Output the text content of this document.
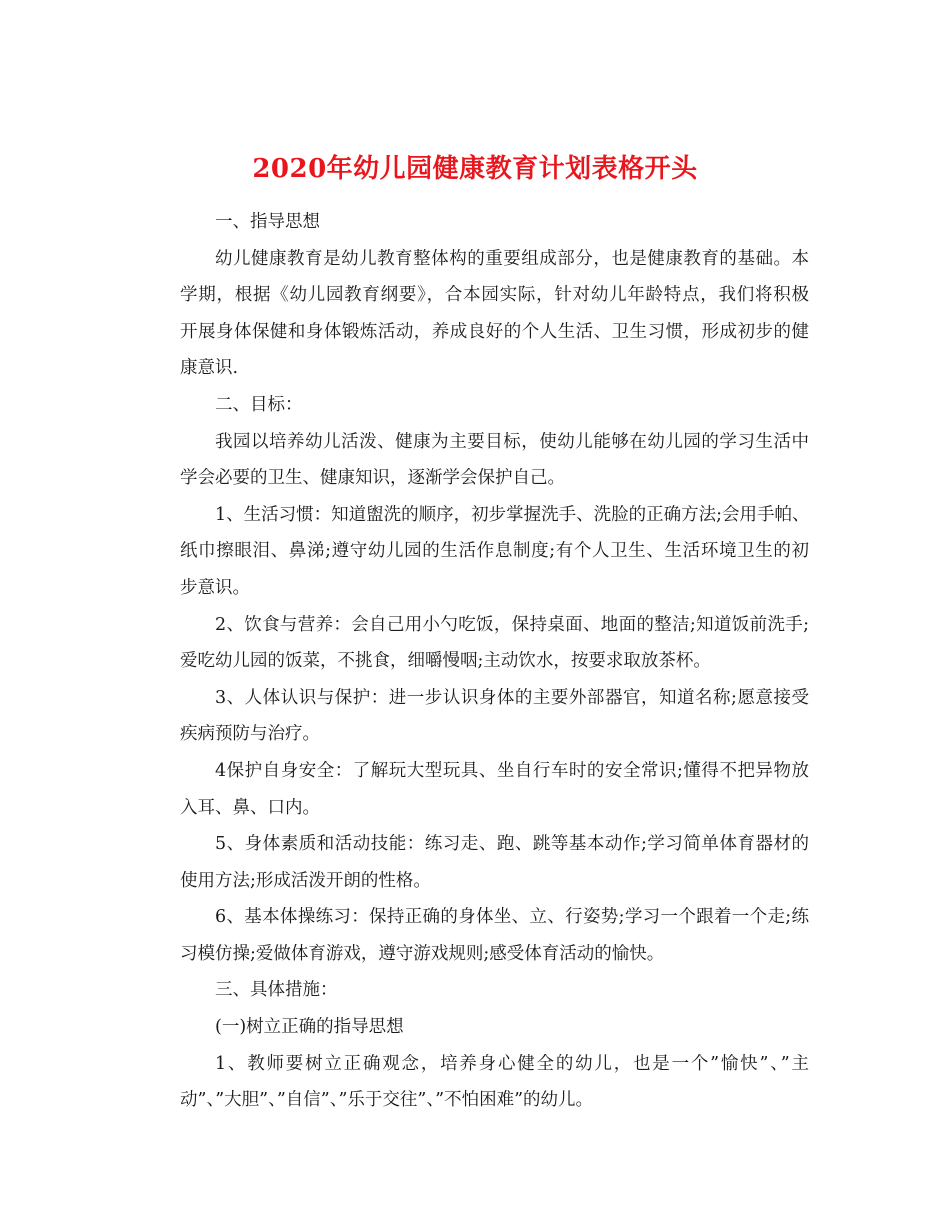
2020年幼儿园健康教育计划表格开头
一、指导思想
幼儿健康教育是幼儿教育整体构的重要组成部分，也是健康教育的基础。本
学期，根据《幼儿园教育纲要》，合本园实际，针对幼儿年龄特点，我们将积极
开展身体保健和身体锻炼活动，养成良好的个人生活、卫生习惯，形成初步的健
康意识.
二、目标：
我园以培养幼儿活泼、健康为主要目标，使幼儿能够在幼儿园的学习生活中
学会必要的卫生、健康知识，逐渐学会保护自己。
1、生活习惯：知道盥洗的顺序，初步掌握洗手、洗脸的正确方法;会用手帕、
纸巾擦眼泪、鼻涕;遵守幼儿园的生活作息制度;有个人卫生、生活环境卫生的初
步意识。
2、饮食与营养：会自己用小勺吃饭，保持桌面、地面的整洁;知道饭前洗手;
爱吃幼儿园的饭菜，不挑食，细嚼慢咽;主动饮水，按要求取放茶杯。
3、人体认识与保护：进一步认识身体的主要外部器官，知道名称;愿意接受
疾病预防与治疗。
4保护自身安全：了解玩大型玩具、坐自行车时的安全常识;懂得不把异物放
入耳、鼻、口内。
5、身体素质和活动技能：练习走、跑、跳等基本动作;学习简单体育器材的
使用方法;形成活泼开朗的性格。
6、基本体操练习：保持正确的身体坐、立、行姿势;学习一个跟着一个走;练
习模仿操;爱做体育游戏，遵守游戏规则;感受体育活动的愉快。
三、具体措施：
(一)树立正确的指导思想
1、教师要树立正确观念，培养身心健全的幼儿，也是一个”愉快”、”主
动”、”大胆”、”自信”、”乐于交往”、”不怕困难”的幼儿。
